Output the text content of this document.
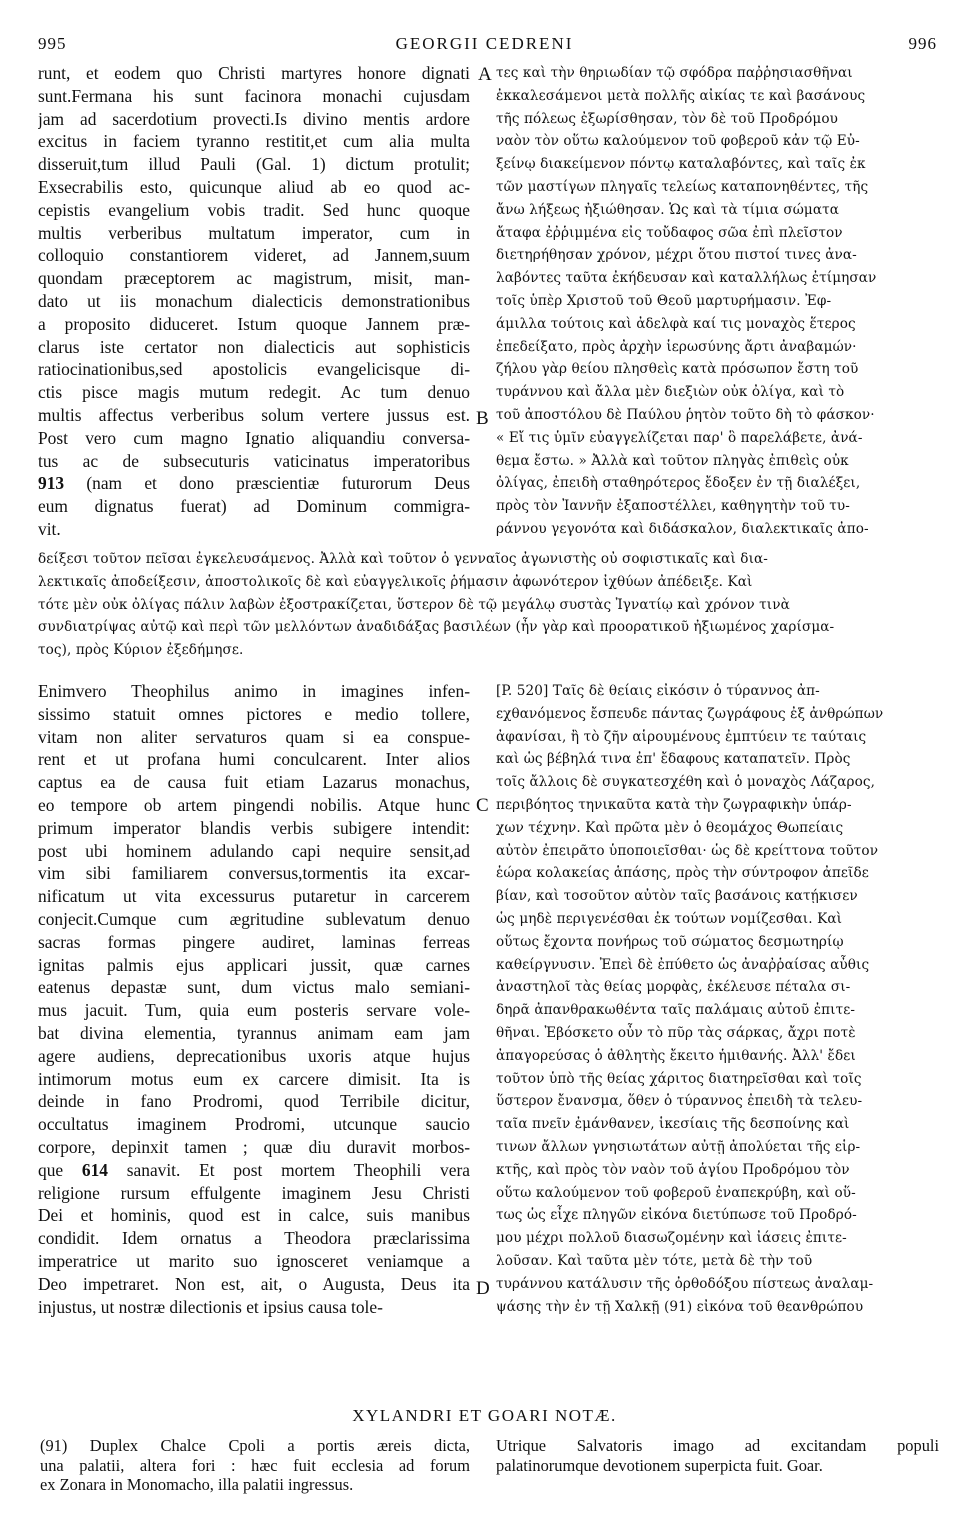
995	GEORGII CEDRENI	996
A
B
C
D
runt, et eodem quo Christi martyres honore dignati
sunt.Fermana his sunt facinora monachi cujusdam
jam ad sacerdotium provecti.Is divino mentis ardore
excitus in faciem tyranno restitit,et cum alia multa
disseruit,tum illud Pauli (Gal. 1) dictum protulit;
Exsecrabilis esto, quicunque aliud ab eo quod ac-
cepistis evangelium vobis tradit. Sed hunc quoque
multis verberibus multatum imperator, cum in
colloquio constantiorem videret, ad Jannem,suum
quondam præceptorem ac magistrum, misit, man-
dato ut iis monachum dialecticis demonstrationibus
a proposito diduceret. Istum quoque Jannem præ-
clarus iste certator non dialecticis aut sophisticis
ratiocinationibus,sed apostolicis evangelicisque di-
ctis pisce magis mutum redegit. Ac tum denuo
multis affectus verberibus solum vertere jussus est.
Post vero cum magno Ignatio aliquandiu conversa-
tus ac de subsecuturis vaticinatus imperatoribus
913 (nam et dono præscientiæ futurorum Deus
eum dignatus fuerat) ad Dominum commigra-
vit.
τες καὶ τὴν θηριωδίαν τῷ σφόδρα παῤῥησιασθῆναι
ἐκκαλεσάμενοι μετὰ πολλῆς αἰκίας τε καὶ βασάνους
τῆς πόλεως ἐξωρίσθησαν, τὸν δὲ τοῦ Προδρόμου
ναὸν τὸν οὕτω καλούμενον τοῦ φοβεροῦ κἀν τῷ Εὐ-
ξείνῳ διακείμενον πόντῳ καταλαβόντες, καὶ ταῖς ἐκ
τῶν μαστίγων πληγαῖς τελείως καταπονηθέντες, τῆς
ἄνω λήξεως ἠξιώθησαν. Ὡς καὶ τὰ τίμια σώματα
ἄταφα ἐῤῥιμμένα εἰς τοὔδαφος σῶα ἐπὶ πλεῖστον
διετηρήθησαν χρόνον, μέχρι ὅτου πιστοί τινες ἀνα-
λαβόντες ταῦτα ἐκήδευσαν καὶ καταλλήλως ἐτίμησαν
τοῖς ὑπὲρ Χριστοῦ τοῦ Θεοῦ μαρτυρήμασιν. Ἐφ-
άμιλλα τούτοις καὶ ἀδελφὰ καί τις μοναχὸς ἕτερος
ἐπεδείξατο, πρὸς ἀρχὴν ἱερωσύνης ἄρτι ἀναβαμών·
ζήλου γὰρ θείου πλησθεὶς κατὰ πρόσωπον ἔστη τοῦ
τυράννου καὶ ἄλλα μὲν διεξιὼν οὐκ ὀλίγα, καὶ τὸ
τοῦ ἀποστόλου δὲ Παύλου ῥητὸν τοῦτο δὴ τὸ φάσκον·
« Εἴ τις ὑμῖν εὐαγγελίζεται παρ' ὃ παρελάβετε, ἀνά-
θεμα ἔστω. » Ἀλλὰ καὶ τοῦτον πληγὰς ἐπιθεὶς οὐκ
ὀλίγας, ἐπειδὴ σταθηρότερος ἔδοξεν ἐν τῇ διαλέξει,
πρὸς τὸν Ἰαννῆν ἐξαποστέλλει, καθηγητὴν τοῦ τυ-
ράννου γεγονότα καὶ διδάσκαλον, διαλεκτικαῖς ἀπο-
δείξεσι τοῦτον πεῖσαι ἐγκελευσάμενος. Ἀλλὰ καὶ τοῦτον ὁ γενναῖος ἀγωνιστὴς οὐ σοφιστικαῖς καὶ δια-
λεκτικαῖς ἀποδείξεσιν, ἀποστολικοῖς δὲ καὶ εὐαγγελικοῖς ῥήμασιν ἀφωνότερον ἰχθύων ἀπέδειξε. Καὶ
τότε μὲν οὐκ ὀλίγας πάλιν λαβὼν ἐξοστρακίζεται, ὕστερον δὲ τῷ μεγάλῳ συστὰς Ἰγνατίῳ καὶ χρόνον τινὰ
συνδιατρίψας αὐτῷ καὶ περὶ τῶν μελλόντων ἀναδιδάξας βασιλέων (ἦν γὰρ καὶ προορατικοῦ ἠξιωμένος χαρίσμα-
τος), πρὸς Κύριον ἐξεδήμησε.
Enimvero Theophilus animo in imagines infen-
sissimo statuit omnes pictores e medio tollere,
vitam non aliter servaturos quam si ea conspue-
rent et ut profana humi conculcarent. Inter alios
captus ea de causa fuit etiam Lazarus monachus,
eo tempore ob artem pingendi nobilis. Atque hunc
primum imperator blandis verbis subigere intendit:
post ubi hominem adulando capi nequire sensit,ad
vim sibi familiarem conversus,tormentis ita excar-
nificatum ut vita excessurus putaretur in carcerem
conjecit.Cumque cum ægritudine sublevatum denuo
sacras formas pingere audiret, laminas ferreas
ignitas palmis ejus applicari jussit, quæ carnes
eatenus depastæ sunt, dum victus malo semiani-
mus jacuit. Tum, quia eum posteris servare vole-
bat divina elementia, tyrannus animam eam jam
agere audiens, deprecationibus uxoris atque hujus
intimorum motus eum ex carcere dimisit. Ita is
deinde in fano Prodromi, quod Terribile dicitur,
occultatus imaginem Prodromi, utcunque saucio
corpore, depinxit tamen ; quæ diu duravit morbos-
que 614 sanavit. Et post mortem Theophili vera
religione rursum effulgente imaginem Jesu Christi
Dei et hominis, quod est in calce, suis manibus
condidit. Idem ornatus a Theodora præclarissima
imperatrice ut marito suo ignosceret veniamque a
Deo impetraret. Non est, ait, o Augusta, Deus ita
injustus, ut nostræ dilectionis et ipsius causa tole-
[P. 520] Ταῖς δὲ θείαις εἰκόσιν ὁ τύραννος ἀπ-
εχθανόμενος ἔσπευδε πάντας ζωγράφους ἐξ ἀνθρώπων
ἀφανίσαι, ἢ τὸ ζῆν αἱρουμένους ἐμπτύειν τε ταύταις
καὶ ὡς βέβηλά τινα ἐπ' ἔδαφους καταπατεῖν. Πρὸς
τοῖς ἄλλοις δὲ συγκατεσχέθη καὶ ὁ μοναχὸς Λάζαρος,
περιβόητος τηνικαῦτα κατὰ τὴν ζωγραφικὴν ὑπάρ-
χων τέχνην. Καὶ πρῶτα μὲν ὁ θεομάχος Θωπείαις
αὐτὸν ἐπειρᾶτο ὑποποιεῖσθαι· ὡς δὲ κρείττονα τοῦτον
ἑώρα κολακείας ἁπάσης, πρὸς τὴν σύντροφον ἀπεῖδε
βίαν, καὶ τοσοῦτον αὐτὸν ταῖς βασάνοις κατῄκισεν
ὡς μηδὲ περιγενέσθαι ἐκ τούτων νομίζεσθαι. Καὶ
οὕτως ἔχοντα πονήρως τοῦ σώματος δεσμωτηρίῳ
καθείργνυσιν. Ἐπεὶ δὲ ἐπύθετο ὡς ἀναῤῥαίσας αὖθις
ἀναστηλοῖ τὰς θείας μορφὰς, ἐκέλευσε πέταλα σι-
δηρᾶ ἀπανθρακωθέντα ταῖς παλάμαις αὐτοῦ ἐπιτε-
θῆναι. Ἐβόσκετο οὖν τὸ πῦρ τὰς σάρκας, ἄχρι ποτὲ
ἀπαγορεύσας ὁ ἀθλητὴς ἔκειτο ἡμιθανής. Ἀλλ' ἔδει
τοῦτον ὑπὸ τῆς θείας χάριτος διατηρεῖσθαι καὶ τοῖς
ὕστερον ἔνανσμα, ὅθεν ὁ τύραννος ἐπειδὴ τὰ τελευ-
ταῖα πνεῖν ἐμάνθανεν, ἱκεσίαις τῆς δεσποίνης καὶ
τινων ἄλλων γνησιωτάτων αὐτῇ ἀπολύεται τῆς εἱρ-
κτῆς, καὶ πρὸς τὸν ναὸν τοῦ ἁγίου Προδρόμου τὸν
οὕτω καλούμενον τοῦ φοβεροῦ ἐναπεκρύβη, καὶ οὕ-
τως ὡς εἶχε πληγῶν εἰκόνα διετύπωσε τοῦ Προδρό-
μου μέχρι πολλοῦ διασωζομένην καὶ ἰάσεις ἐπιτε-
λοῦσαν. Καὶ ταῦτα μὲν τότε, μετὰ δὲ τὴν τοῦ
τυράννου κατάλυσιν τῆς ὀρθοδόξου πίστεως ἀναλαμ-
ψάσης τὴν ἐν τῇ Χαλκῇ (91) εἰκόνα τοῦ θεανθρώπου
XYLANDRI ET GOARI NOTÆ.
(91) Duplex Chalce Cpoli a portis æreis dicta,
una palatii, altera fori : hæc fuit ecclesia ad forum
ex Zonara in Monomacho, illa palatii ingressus.
Utrique Salvatoris imago ad excitandam populi
palatinorumque devotionem superpicta fuit. Goar.
